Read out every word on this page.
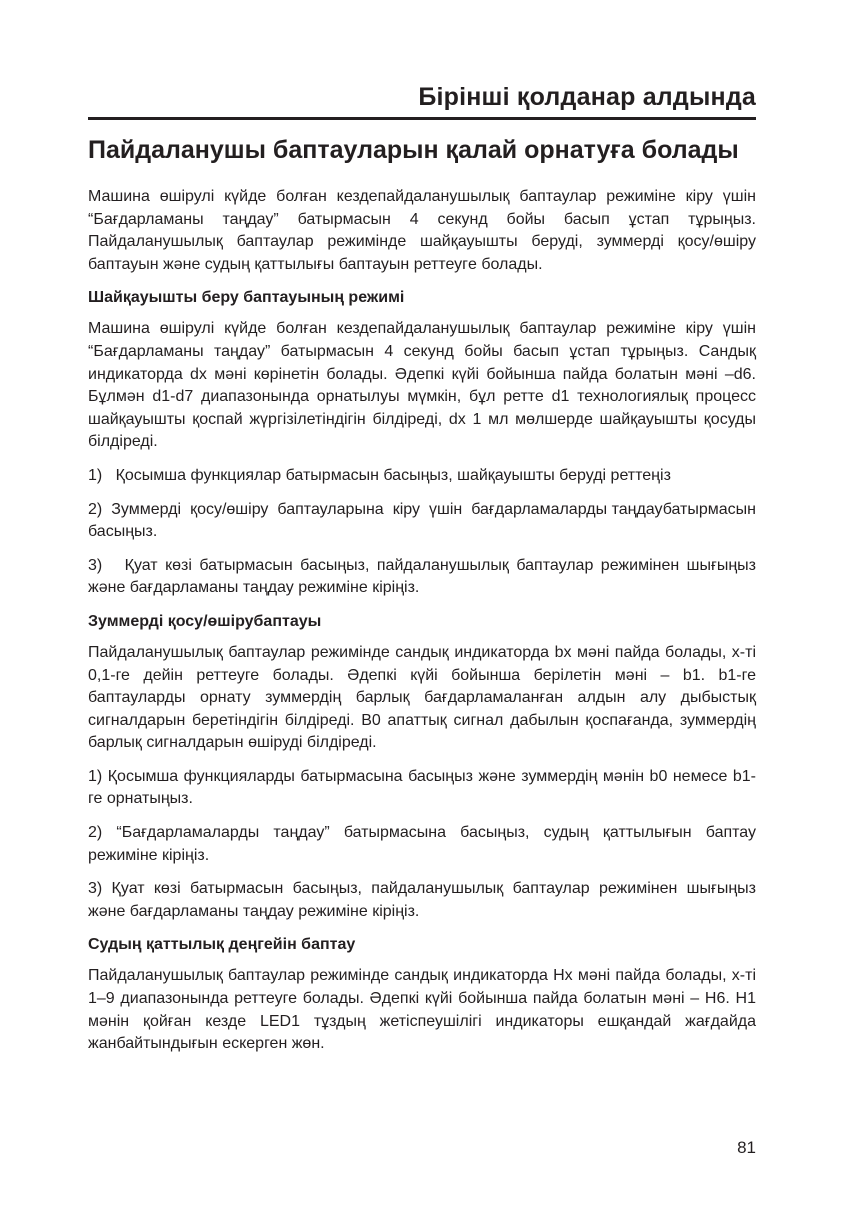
Бірінші қолданар алдында
Пайдаланушы баптауларын қалай орнатуға болады

Машина өшірулі күйде болған кездепайдаланушылық баптаулар режиміне кіру үшін “Бағдарламаны таңдау” батырмасын 4 секунд бойы басып ұстап тұрыңыз. Пайдаланушылық баптаулар режимінде шайқауышты беруді, зуммерді қосу/өшіру баптауын және судың қаттылығы баптауын реттеугe болады.

Шайқауышты беру баптауының режимі

Машина өшірулі күйде болған кездепайдаланушылық баптаулар режиміне кіру үшін “Бағдарламаны таңдау” батырмасын 4 секунд бойы басып ұстап тұрыңыз. Сандық индикаторда dx мәні көрінетін болады. Әдепкі күйі бойынша пайда болатын мәні –d6. Бұлмән d1-d7 диапазонында орнатылуы мүмкін, бұл ретте d1 технологиялық процесс шайқауышты қоспай жүргізілетіндігін білдіреді, dx 1 мл мөлшерде шайқауышты қосуды білдіреді.

1)   Қосымша функциялар батырмасын басыңыз, шайқауышты беруді реттеңіз

2)  Зуммерді  қосу/өшіру  баптауларына  кіру  үшін  бағдарламаларды таңдаубатырмасын басыңыз.

3)   Қуат көзі батырмасын басыңыз, пайдаланушылық баптаулар режимінен шығыңыз және бағдарламаны таңдау режиміне кіріңіз.

Зуммерді қосу/өшірубаптауы

Пайдаланушылық баптаулар режимінде сандық индикаторда bx мәні пайда болады, x-ті 0,1-ге дейін реттеуге болады. Әдепкі күйі бойынша берілетін мәні – b1. b1-ге баптауларды орнату зуммердің барлық бағдарламаланған алдын алу дыбыстық сигналдарын беретіндігін білдіреді. B0 апаттық сигнал дабылын қоспағанда, зуммердің барлық сигналдарын өшіруді білдіреді.

1) Қосымша функцияларды батырмасына басыңыз және зуммердің мәнін b0 немесе b1-ге орнатыңыз.

2) “Бағдарламаларды таңдау” батырмасына басыңыз, судың қаттылығын баптау режиміне кіріңіз.

3) Қуат көзі батырмасын басыңыз, пайдаланушылық баптаулар режимінен шығыңыз және бағдарламаны таңдау режиміне кіріңіз.

Судың қаттылық деңгейін баптау

Пайдаланушылық баптаулар режимінде сандық индикаторда Hx мәні пайда болады, x-ті 1–9 диапазонында реттеуге болады. Әдепкі күйі бойынша пайда болатын мәні – H6. H1 мәнін қойған кезде LED1 тұздың жетіспеушілігі индикаторы ешқандай жағдайда жанбайтындығын ескерген жөн.

81
